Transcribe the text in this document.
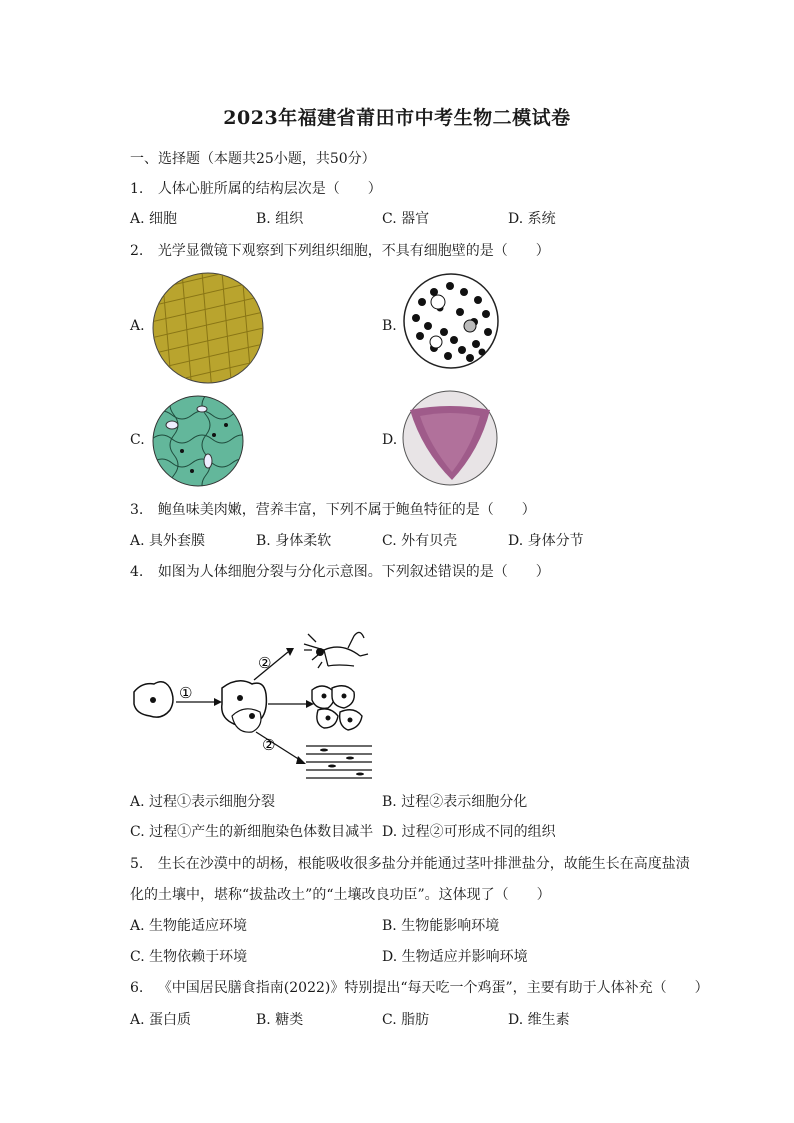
2023年福建省莆田市中考生物二模试卷
一、选择题（本题共25小题，共50分）
1. 人体心脏所属的结构层次是（　　）
A. 细胞	B. 组织	C. 器官	D. 系统
2. 光学显微镜下观察到下列组织细胞，不具有细胞壁的是（　　）
A.	B.
C.	D.
3. 鲍鱼味美肉嫩，营养丰富，下列不属于鲍鱼特征的是（　　）
A. 具外套膜	B. 身体柔软	C. 外有贝壳	D. 身体分节
4. 如图为人体细胞分裂与分化示意图。下列叙述错误的是（　　）
①
②
②
A. 过程①表示细胞分裂	B. 过程②表示细胞分化
C. 过程①产生的新细胞染色体数目减半 D. 过程②可形成不同的组织
5. 生长在沙漠中的胡杨，根能吸收很多盐分并能通过茎叶排泄盐分，故能生长在高度盐渍
化的土壤中，堪称“拔盐改土”的“土壤改良功臣”。这体现了（　　）
A. 生物能适应环境	B. 生物能影响环境
C. 生物依赖于环境	D. 生物适应并影响环境
6. 《中国居民膳食指南(2022)》特别提出“每天吃一个鸡蛋”，主要有助于人体补充（　　）
A. 蛋白质	B. 糖类	C. 脂肪	D. 维生素
